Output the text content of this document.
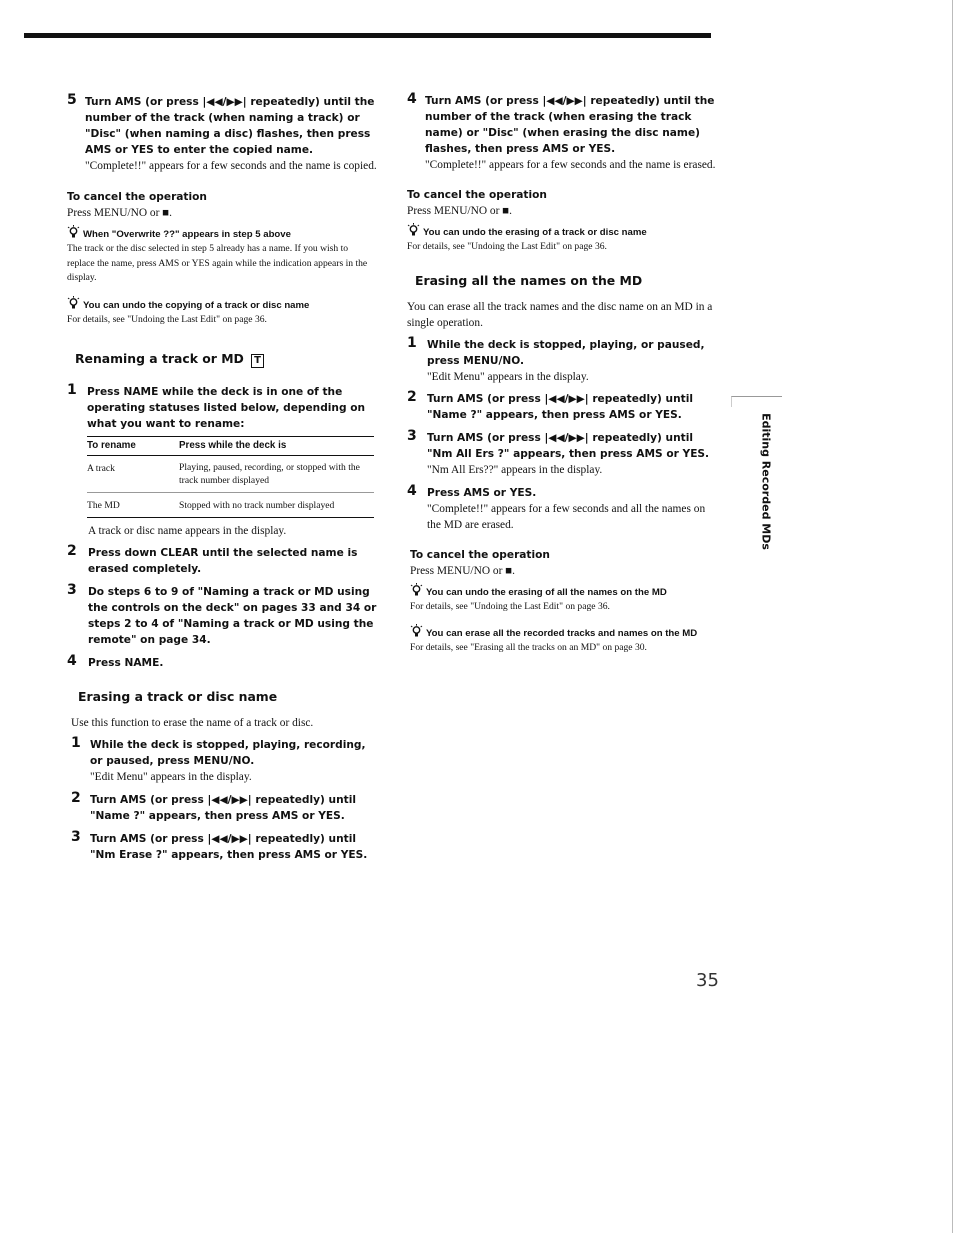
5 Turn AMS (or press |◀◀/▶▶| repeatedly) until the number of the track (when naming a track) or "Disc" (when naming a disc) flashes, then press AMS or YES to enter the copied name.
"Complete!!" appears for a few seconds and the name is copied.
To cancel the operation
Press MENU/NO or ■.
When "Overwrite ??" appears in step 5 above
The track or the disc selected in step 5 already has a name. If you wish to replace the name, press AMS or YES again while the indication appears in the display.
You can undo the copying of a track or disc name
For details, see "Undoing the Last Edit" on page 36.
Renaming a track or MD T
1 Press NAME while the deck is in one of the operating statuses listed below, depending on what you want to rename:
To rename	Press while the deck is
A track	Playing, paused, recording, or stopped with the track number displayed
The MD	Stopped with no track number displayed
A track or disc name appears in the display.
2 Press down CLEAR until the selected name is erased completely.
3 Do steps 6 to 9 of "Naming a track or MD using the controls on the deck" on pages 33 and 34 or steps 2 to 4 of "Naming a track or MD using the remote" on page 34.
4 Press NAME.
Erasing a track or disc name
Use this function to erase the name of a track or disc.
1 While the deck is stopped, playing, recording, or paused, press MENU/NO.
"Edit Menu" appears in the display.
2 Turn AMS (or press |◀◀/▶▶| repeatedly) until "Name ?" appears, then press AMS or YES.
3 Turn AMS (or press |◀◀/▶▶| repeatedly) until "Nm Erase ?" appears, then press AMS or YES.
4 Turn AMS (or press |◀◀/▶▶| repeatedly) until the number of the track (when erasing the track name) or "Disc" (when erasing the disc name) flashes, then press AMS or YES.
"Complete!!" appears for a few seconds and the name is erased.
To cancel the operation
Press MENU/NO or ■.
You can undo the erasing of a track or disc name
For details, see "Undoing the Last Edit" on page 36.
Erasing all the names on the MD
You can erase all the track names and the disc name on an MD in a single operation.
1 While the deck is stopped, playing, or paused, press MENU/NO.
"Edit Menu" appears in the display.
2 Turn AMS (or press |◀◀/▶▶| repeatedly) until "Name ?" appears, then press AMS or YES.
3 Turn AMS (or press |◀◀/▶▶| repeatedly) until "Nm All Ers ?" appears, then press AMS or YES.
"Nm All Ers??" appears in the display.
4 Press AMS or YES.
"Complete!!" appears for a few seconds and all the names on the MD are erased.
To cancel the operation
Press MENU/NO or ■.
You can undo the erasing of all the names on the MD
For details, see "Undoing the Last Edit" on page 36.
You can erase all the recorded tracks and names on the MD
For details, see "Erasing all the tracks on an MD" on page 30.
Editing Recorded MDs
35
